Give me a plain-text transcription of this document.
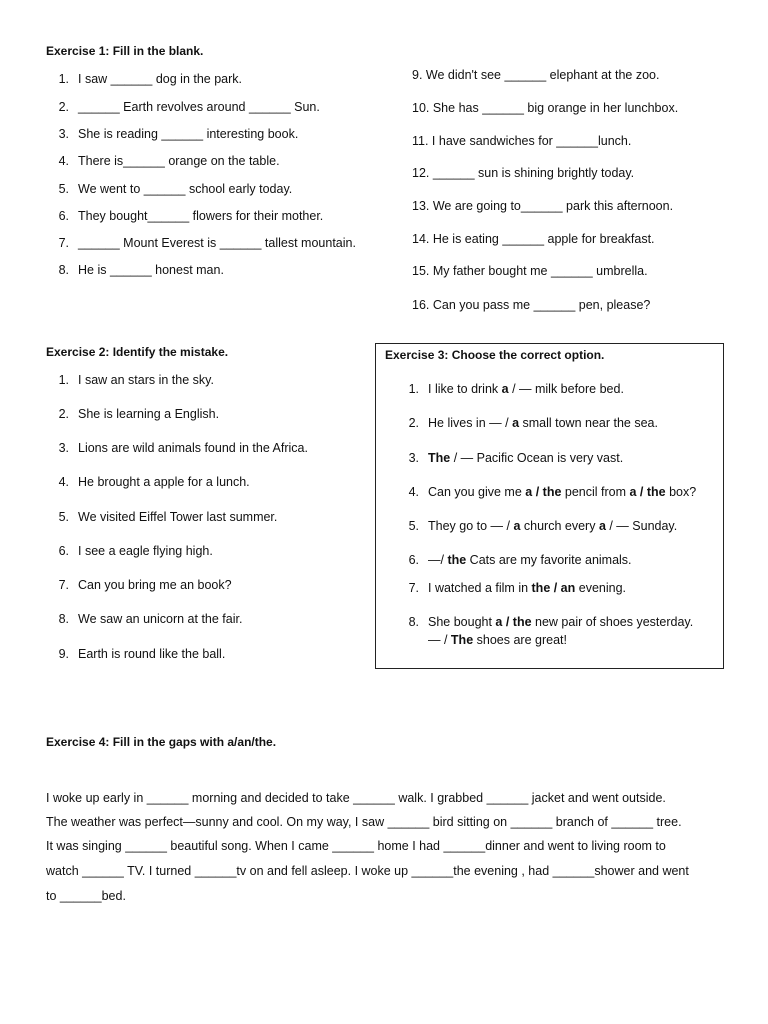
Exercise 1: Fill in the blank.
1. I saw ______ dog in the park.
2. ______ Earth revolves around ______ Sun.
3. She is reading ______ interesting book.
4. There is______ orange on the table.
5. We went to ______ school early today.
6. They bought______ flowers for their mother.
7. ______ Mount Everest is ______ tallest mountain.
8. He is ______ honest man.
9. We didn't see ______ elephant at the zoo.
10. She has ______ big orange in her lunchbox.
11. I have sandwiches for ______lunch.
12. ______ sun is shining brightly today.
13. We are going to______ park this afternoon.
14. He is eating ______ apple for breakfast.
15. My father bought me ______ umbrella.
16. Can you pass me ______ pen, please?
Exercise 2: Identify the mistake.
1. I saw an stars in the sky.
2. She is learning a English.
3. Lions are wild animals found in the Africa.
4. He brought a apple for a lunch.
5. We visited Eiffel Tower last summer.
6. I see a eagle flying high.
7. Can you bring me an book?
8. We saw an unicorn at the fair.
9. Earth is round like the ball.
Exercise 3: Choose the correct option.
1. I like to drink a / — milk before bed.
2. He lives in — / a small town near the sea.
3. The / — Pacific Ocean is very vast.
4. Can you give me a / the pencil from a / the box?
5. They go to — / a church every a / — Sunday.
6. —/ the Cats are my favorite animals.
7. I watched a film in the / an evening.
8. She bought a / the new pair of shoes yesterday.
— / The shoes are great!
Exercise 4: Fill in the gaps with a/an/the.
I woke up early in ______ morning and decided to take ______ walk. I grabbed ______ jacket and went outside.
The weather was perfect—sunny and cool. On my way, I saw ______ bird sitting on ______ branch of ______ tree.
It was singing ______ beautiful song. When I came ______ home I had ______dinner and went to living room to
watch ______ TV. I turned ______tv on and fell asleep. I woke up ______the evening , had ______shower and went
to ______bed.
